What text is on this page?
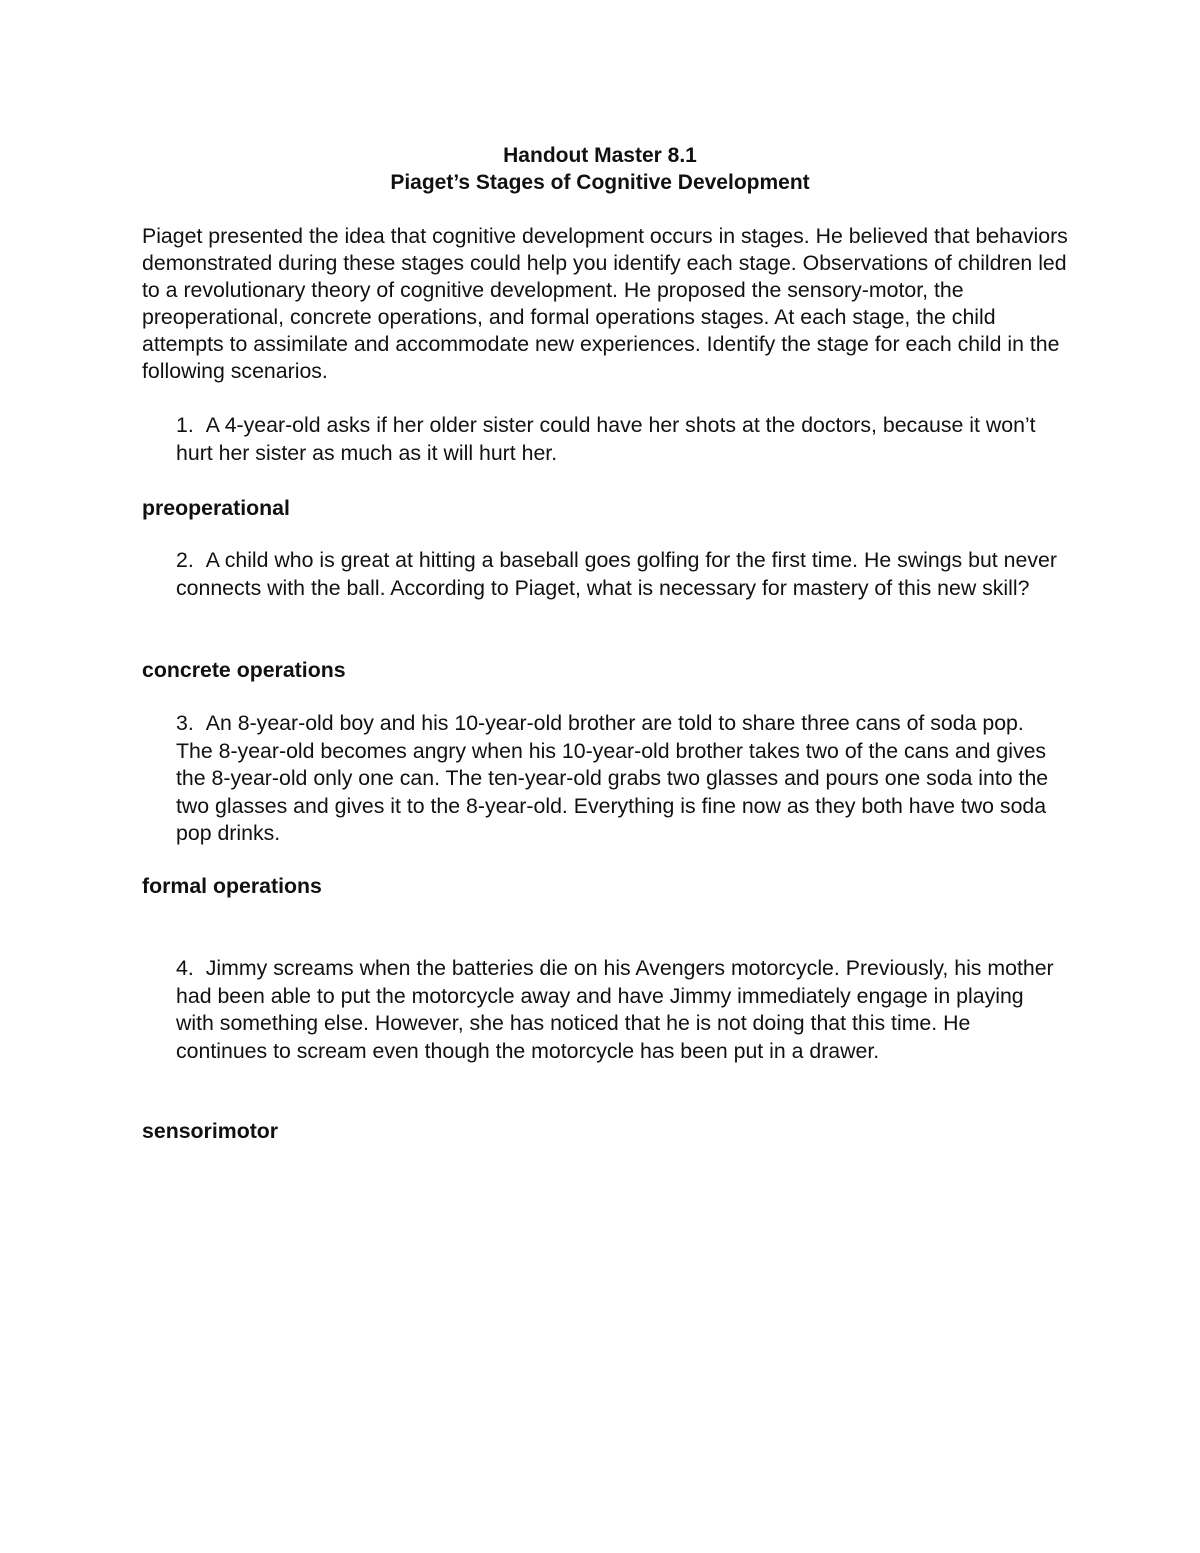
Handout Master 8.1
Piaget’s Stages of Cognitive Development

Piaget presented the idea that cognitive development occurs in stages. He believed that behaviors demonstrated during these stages could help you identify each stage. Observations of children led to a revolutionary theory of cognitive development. He proposed the sensory-motor, the preoperational, concrete operations, and formal operations stages. At each stage, the child attempts to assimilate and accommodate new experiences. Identify the stage for each child in the following scenarios.

1. A 4-year-old asks if her older sister could have her shots at the doctors, because it won’t hurt her sister as much as it will hurt her.

preoperational

2. A child who is great at hitting a baseball goes golfing for the first time. He swings but never connects with the ball. According to Piaget, what is necessary for mastery of this new skill?

concrete operations

3. An 8-year-old boy and his 10-year-old brother are told to share three cans of soda pop. The 8-year-old becomes angry when his 10-year-old brother takes two of the cans and gives the 8-year-old only one can. The ten-year-old grabs two glasses and pours one soda into the two glasses and gives it to the 8-year-old. Everything is fine now as they both have two soda pop drinks.

formal operations

4. Jimmy screams when the batteries die on his Avengers motorcycle. Previously, his mother had been able to put the motorcycle away and have Jimmy immediately engage in playing with something else. However, she has noticed that he is not doing that this time. He continues to scream even though the motorcycle has been put in a drawer.

sensorimotor
